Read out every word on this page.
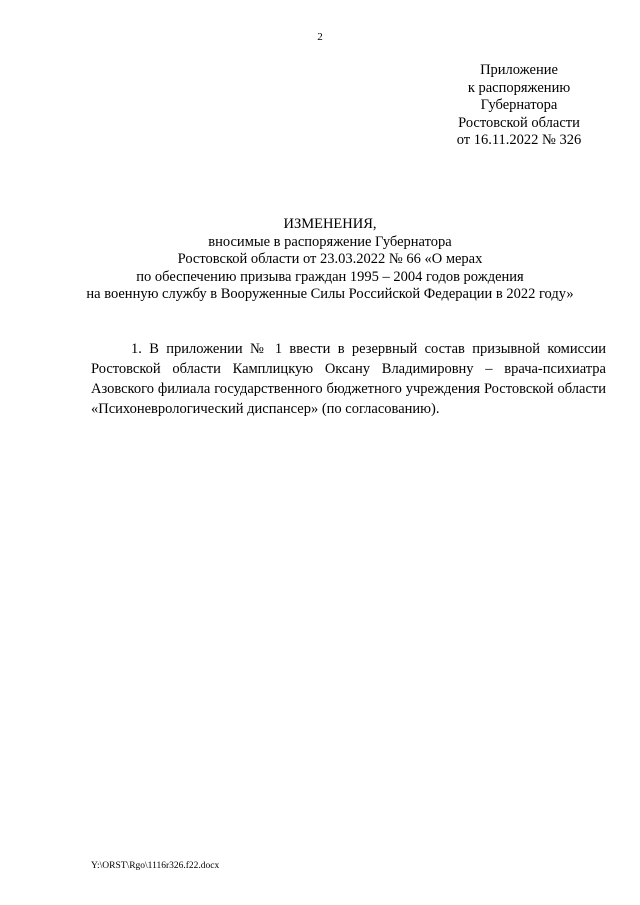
2
Приложение
к распоряжению
Губернатора
Ростовской области
от 16.11.2022 № 326
ИЗМЕНЕНИЯ,
вносимые в распоряжение Губернатора
Ростовской области от 23.03.2022 № 66 «О мерах
по обеспечению призыва граждан 1995 – 2004 годов рождения
на военную службу в Вооруженные Силы Российской Федерации в 2022 году»

1. В приложении № 1 ввести в резервный состав призывной комиссии Ростовской области Камплицкую Оксану Владимировну – врача-психиатра Азовского филиала государственного бюджетного учреждения Ростовской области «Психоневрологический диспансер» (по согласованию).

Y:\ORST\Rgo\1116r326.f22.docx
